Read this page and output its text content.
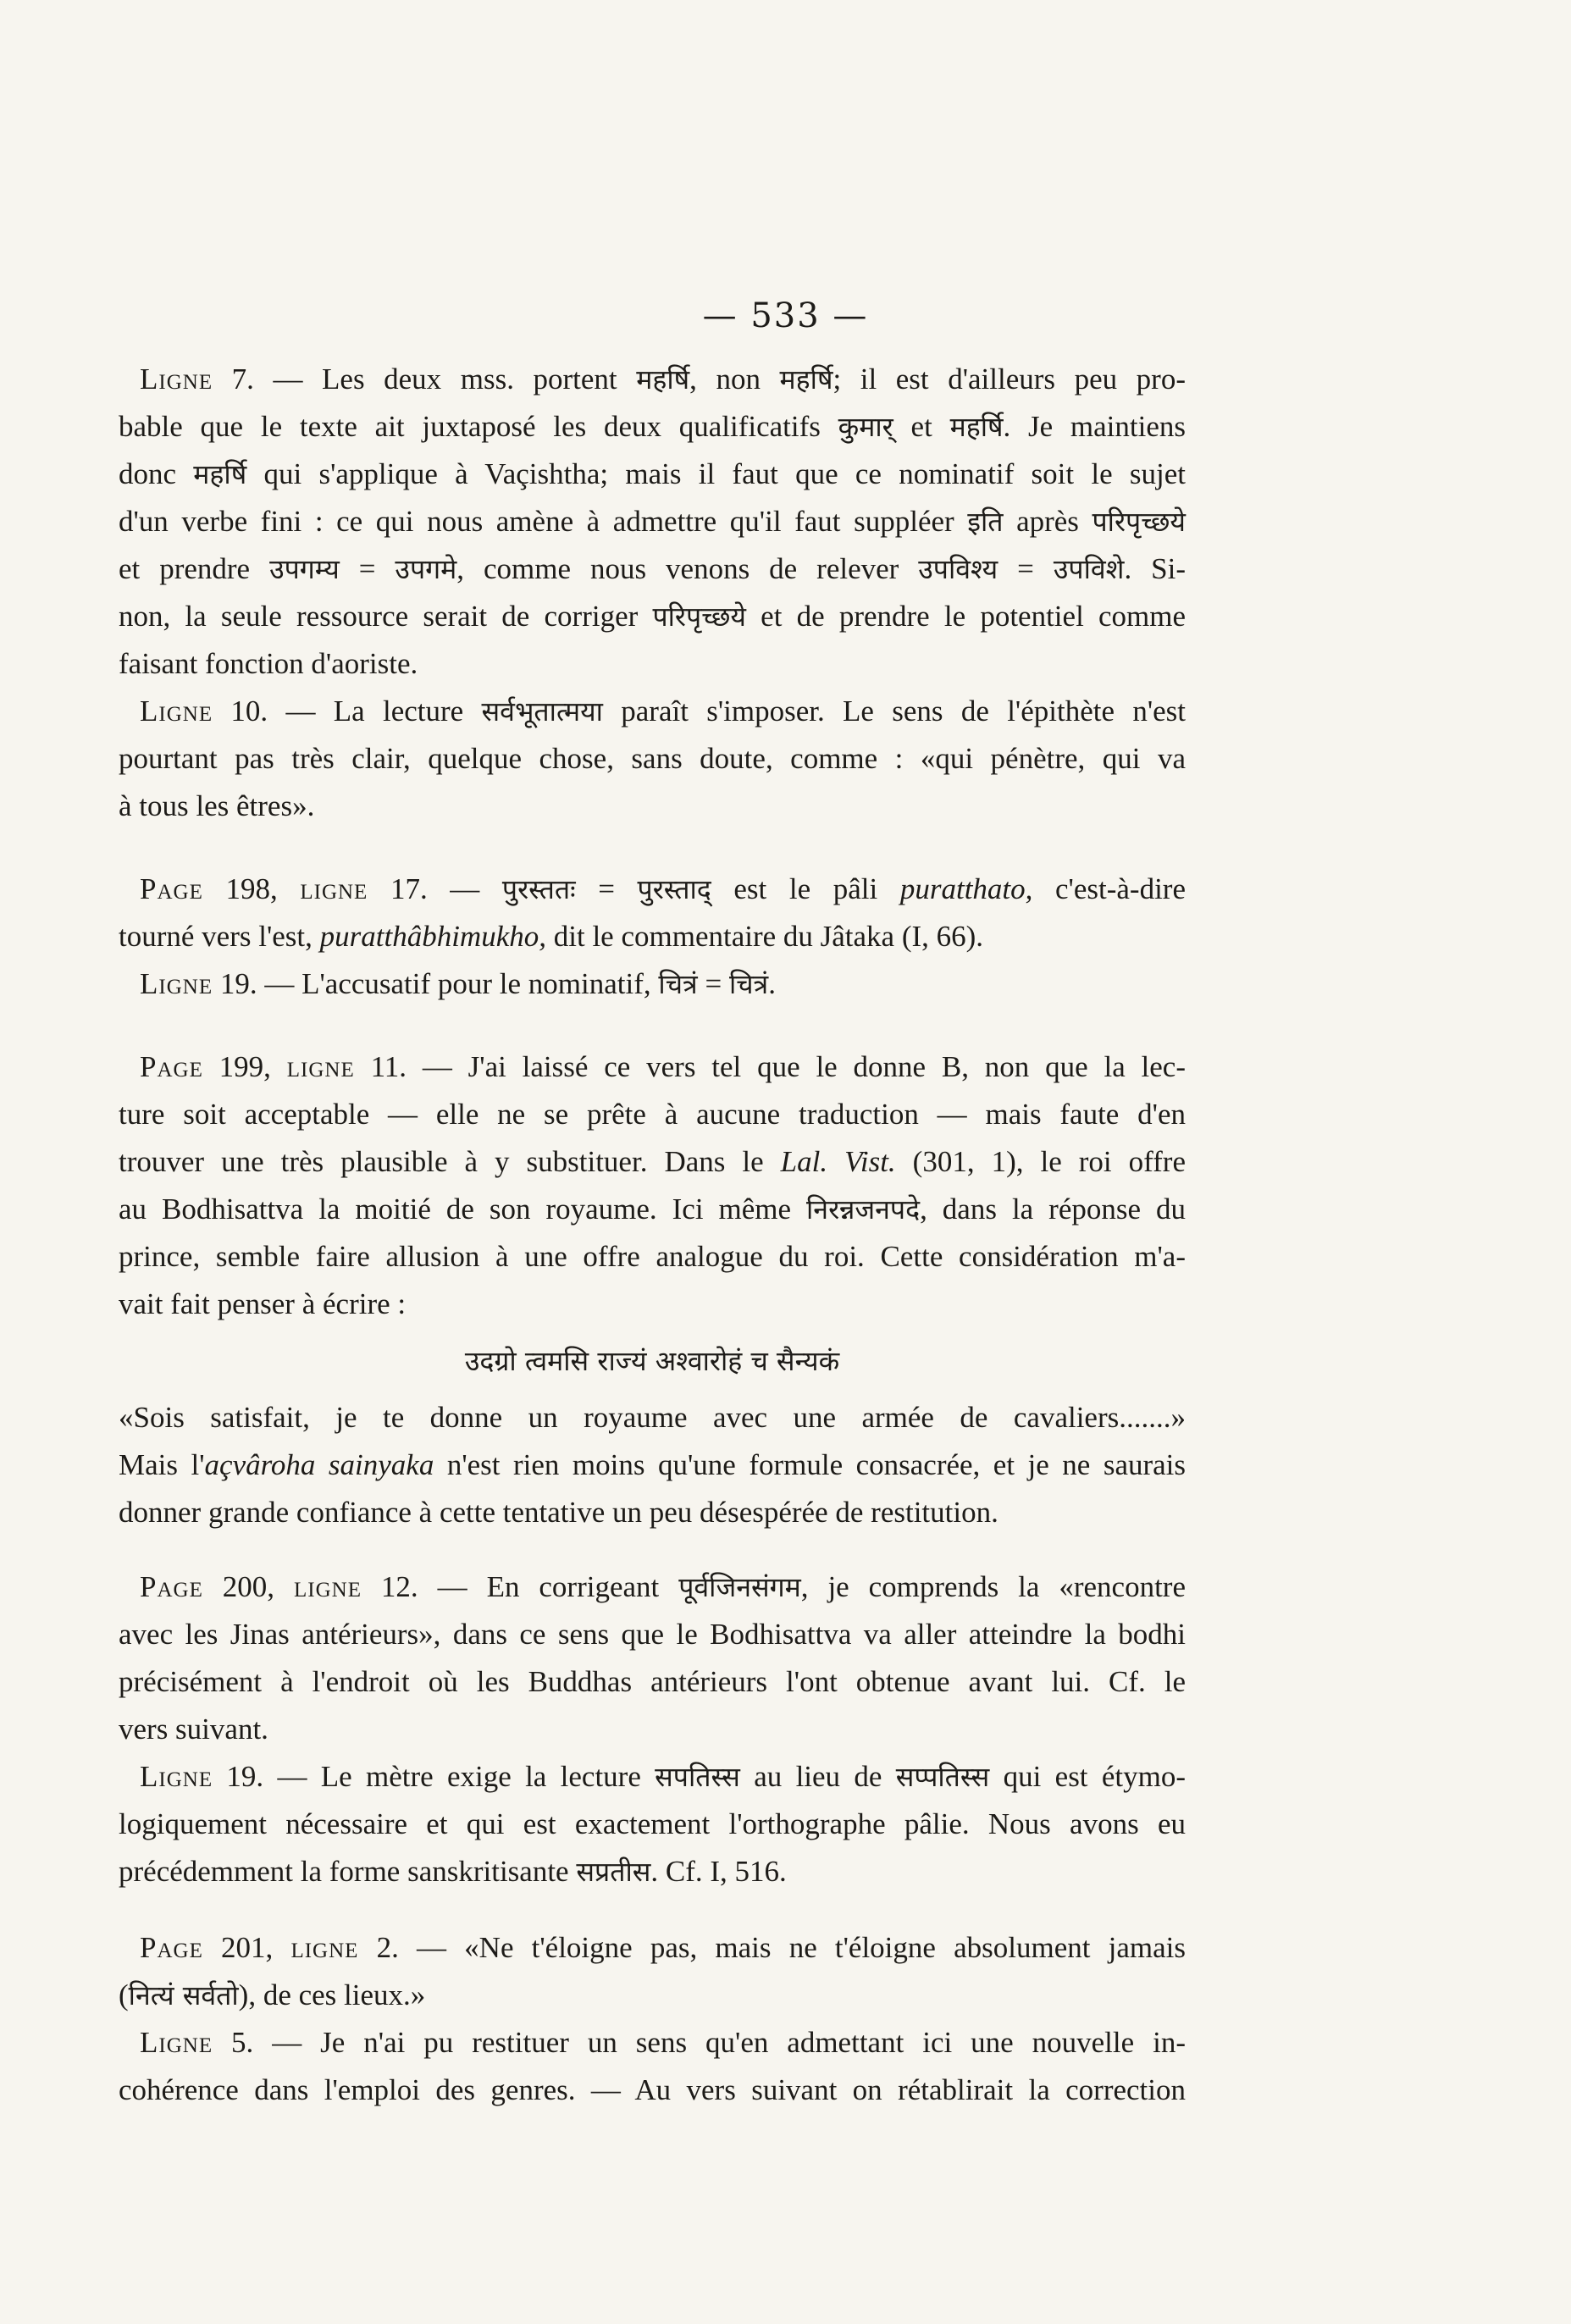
— 533 —
Ligne 7. — Les deux mss. portent महर्षि, non महर्षि; il est d'ailleurs peu pro-
bable que le texte ait juxtaposé les deux qualificatifs कुमार् et महर्षि. Je maintiens
donc महर्षि qui s'applique à Vaçishtha; mais il faut que ce nominatif soit le sujet
d'un verbe fini : ce qui nous amène à admettre qu'il faut suppléer इति après परिपृच्छये
et prendre उपगम्य = उपगमे, comme nous venons de relever उपविश्य = उपविशे. Si-
non, la seule ressource serait de corriger परिपृच्छये et de prendre le potentiel comme
faisant fonction d'aoriste.
Ligne 10. — La lecture सर्वभूतात्मया paraît s'imposer. Le sens de l'épithète n'est
pourtant pas très clair, quelque chose, sans doute, comme : «qui pénètre, qui va
à tous les êtres».
Page 198, ligne 17. — पुरस्ततः = पुरस्ताद् est le pâli puratthato, c'est-à-dire
tourné vers l'est, puratthâbhimukho, dit le commentaire du Jâtaka (I, 66).
Ligne 19. — L'accusatif pour le nominatif, चित्रं = चित्रं.
Page 199, ligne 11. — J'ai laissé ce vers tel que le donne B, non que la lec-
ture soit acceptable — elle ne se prête à aucune traduction — mais faute d'en
trouver une très plausible à y substituer. Dans le Lal. Vist. (301, 1), le roi offre
au Bodhisattva la moitié de son royaume. Ici même निरन्नजनपदे, dans la réponse du
prince, semble faire allusion à une offre analogue du roi. Cette considération m'a-
vait fait penser à écrire :
उदग्रो त्वमसि राज्यं अश्वारोहं च सैन्यकं
«Sois satisfait, je te donne un royaume avec une armée de cavaliers.......»
Mais l'açvâroha sainyaka n'est rien moins qu'une formule consacrée, et je ne saurais
donner grande confiance à cette tentative un peu désespérée de restitution.
Page 200, ligne 12. — En corrigeant पूर्वजिनसंगम, je comprends la «rencontre
avec les Jinas antérieurs», dans ce sens que le Bodhisattva va aller atteindre la bodhi
précisément à l'endroit où les Buddhas antérieurs l'ont obtenue avant lui. Cf. le
vers suivant.
Ligne 19. — Le mètre exige la lecture सपतिस्स au lieu de सप्पतिस्स qui est étymo-
logiquement nécessaire et qui est exactement l'orthographe pâlie. Nous avons eu
précédemment la forme sanskritisante सप्रतीस. Cf. I, 516.
Page 201, ligne 2. — «Ne t'éloigne pas, mais ne t'éloigne absolument jamais
(नित्यं सर्वतो), de ces lieux.»
Ligne 5. — Je n'ai pu restituer un sens qu'en admettant ici une nouvelle in-
cohérence dans l'emploi des genres. — Au vers suivant on rétablirait la correction
